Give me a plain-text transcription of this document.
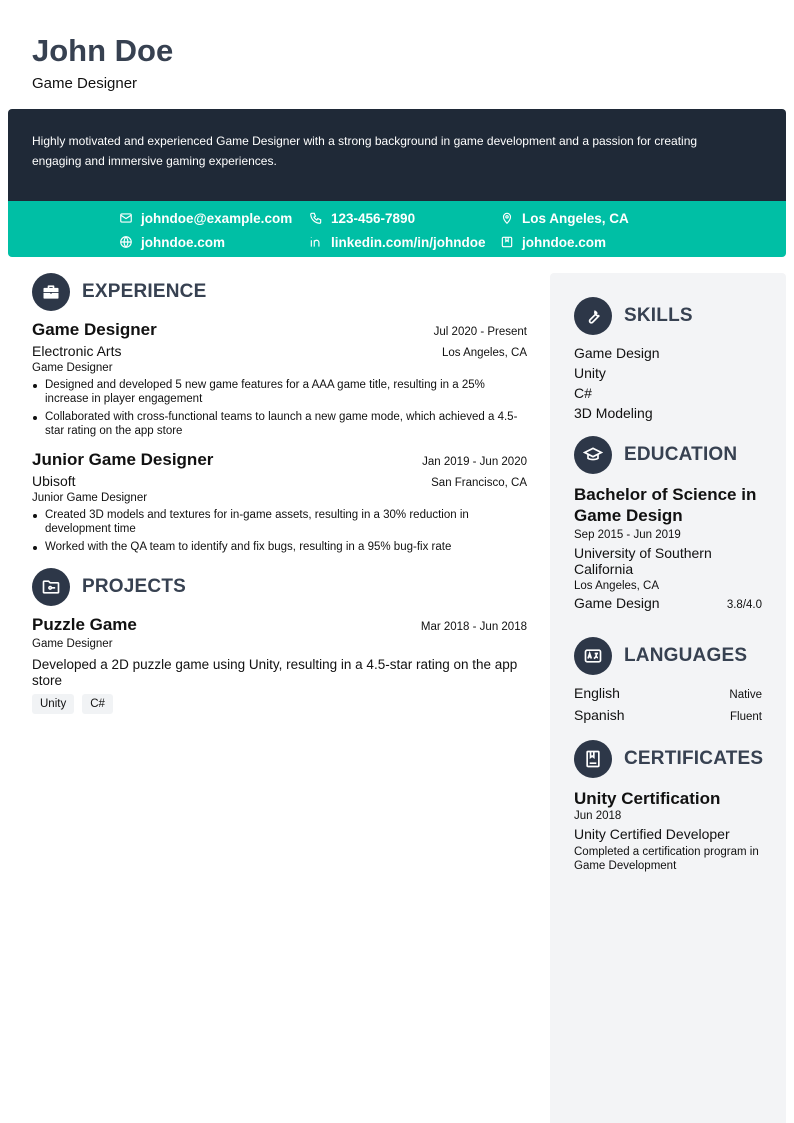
John Doe
Game Designer
Highly motivated and experienced Game Designer with a strong background in game development and a passion for creating engaging and immersive gaming experiences.
johndoe@example.com	123-456-7890	Los Angeles, CA
johndoe.com	linkedin.com/in/johndoe	johndoe.com
EXPERIENCE
Game Designer	Jul 2020 - Present
Electronic Arts	Los Angeles, CA
Game Designer
Designed and developed 5 new game features for a AAA game title, resulting in a 25% increase in player engagement
Collaborated with cross-functional teams to launch a new game mode, which achieved a 4.5-star rating on the app store
Junior Game Designer	Jan 2019 - Jun 2020
Ubisoft	San Francisco, CA
Junior Game Designer
Created 3D models and textures for in-game assets, resulting in a 30% reduction in development time
Worked with the QA team to identify and fix bugs, resulting in a 95% bug-fix rate
PROJECTS
Puzzle Game	Mar 2018 - Jun 2018
Game Designer
Developed a 2D puzzle game using Unity, resulting in a 4.5-star rating on the app store
Unity	C#
SKILLS
Game Design
Unity
C#
3D Modeling
EDUCATION
Bachelor of Science in Game Design
Sep 2015 - Jun 2019
University of Southern California
Los Angeles, CA
Game Design	3.8/4.0
LANGUAGES
English	Native
Spanish	Fluent
CERTIFICATES
Unity Certification
Jun 2018
Unity Certified Developer
Completed a certification program in Game Development
